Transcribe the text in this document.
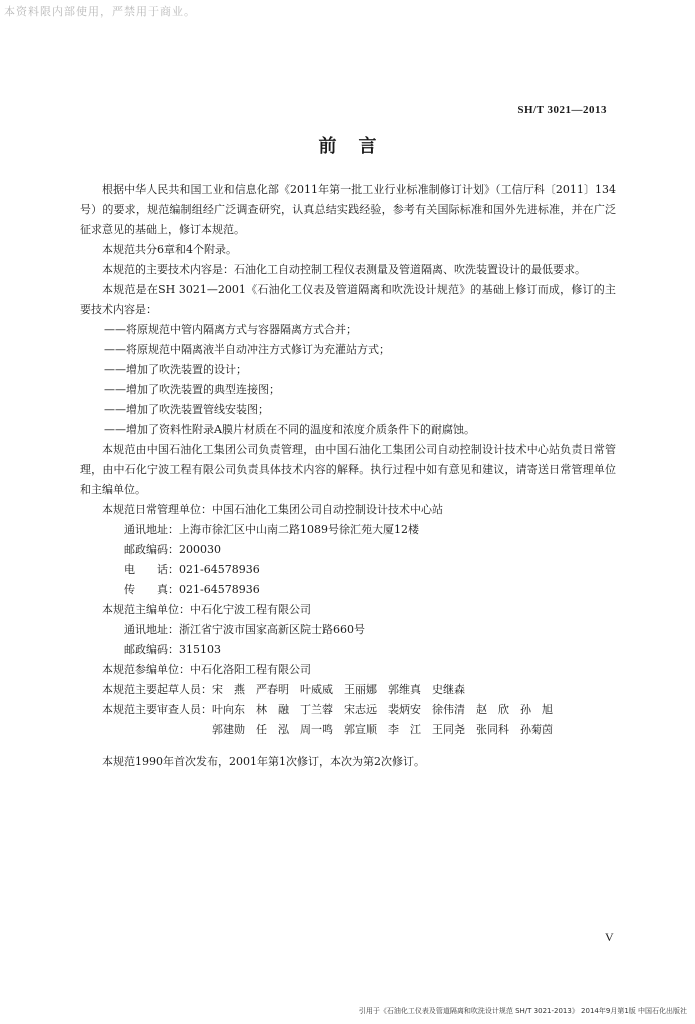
本资料限内部使用，严禁用于商业。
SH/T 3021—2013
前言

根据中华人民共和国工业和信息化部《2011年第一批工业行业标准制修订计划》（工信厅科〔2011〕134号）的要求，规范编制组经广泛调查研究，认真总结实践经验，参考有关国际标准和国外先进标准，并在广泛征求意见的基础上，修订本规范。

本规范共分6章和4个附录。

本规范的主要技术内容是：石油化工自动控制工程仪表测量及管道隔离、吹洗装置设计的最低要求。

本规范是在SH 3021—2001《石油化工仪表及管道隔离和吹洗设计规范》的基础上修订而成，修订的主要技术内容是：

——将原规范中管内隔离方式与容器隔离方式合并；

——将原规范中隔离液半自动冲注方式修订为充灌站方式；

——增加了吹洗装置的设计；

——增加了吹洗装置的典型连接图；

——增加了吹洗装置管线安装图；

——增加了资料性附录A膜片材质在不同的温度和浓度介质条件下的耐腐蚀。

本规范由中国石油化工集团公司负责管理，由中国石油化工集团公司自动控制设计技术中心站负责日常管理，由中石化宁波工程有限公司负责具体技术内容的解释。执行过程中如有意见和建议，请寄送日常管理单位和主编单位。

本规范日常管理单位： 中国石油化工集团公司自动控制设计技术中心站
通讯地址： 上海市徐汇区中山南二路1089号徐汇苑大厦12楼
邮政编码： 200030
电　　话： 021-64578936
传　　真： 021-64578936
本规范主编单位： 中石化宁波工程有限公司
通讯地址： 浙江省宁波市国家高新区院士路660号
邮政编码： 315103
本规范参编单位： 中石化洛阳工程有限公司
本规范主要起草人员： 宋　燕 严春明 叶威威 王丽娜 郭维真 史继森
本规范主要审查人员： 叶向东 林　融 丁兰蓉 宋志远 裴炳安 徐伟清 赵　欣 孙　旭
郭建勋 任　泓 周一鸣 郭宣顺 李　江 王同尧 张同科 孙菊茵

本规范1990年首次发布，2001年第1次修订，本次为第2次修订。

V
引用于《石油化工仪表及管道隔离和吹洗设计规范 SH/T 3021-2013》 2014年9月第1版 中国石化出版社
